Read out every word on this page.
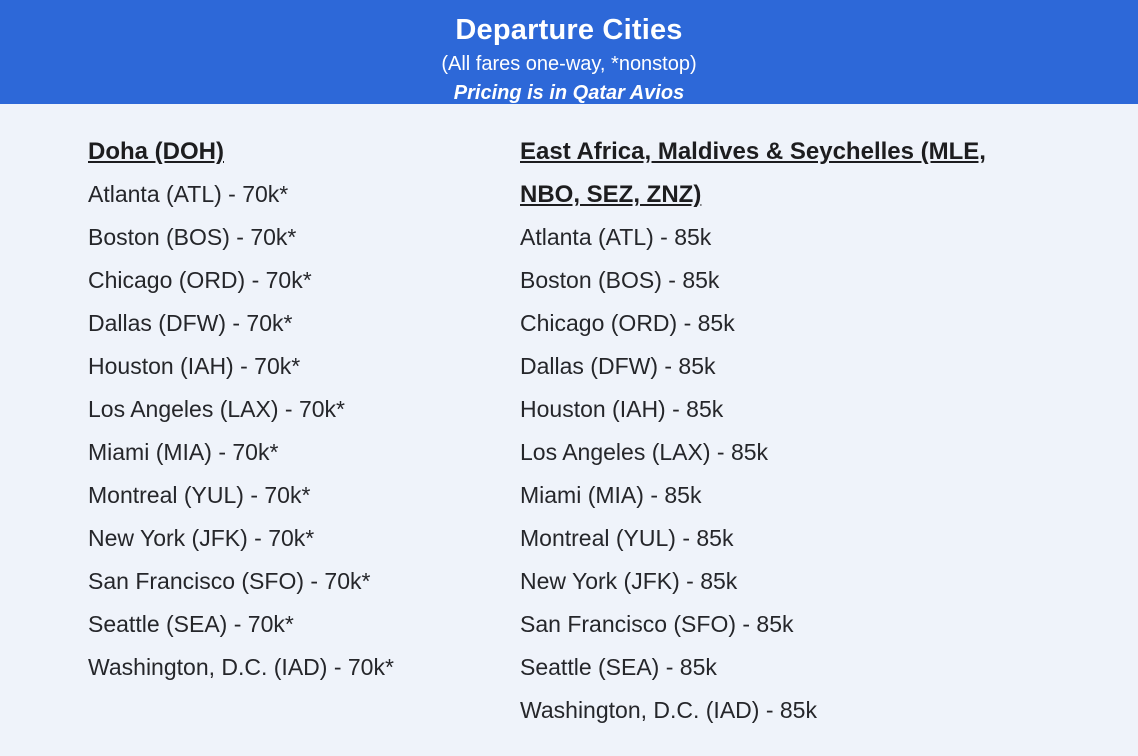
Departure Cities
(All fares one-way, *nonstop)
Pricing is in Qatar Avios
Doha (DOH)
Atlanta (ATL) - 70k*
Boston (BOS) - 70k*
Chicago (ORD) - 70k*
Dallas (DFW) - 70k*
Houston (IAH) - 70k*
Los Angeles (LAX) - 70k*
Miami (MIA) - 70k*
Montreal (YUL) - 70k*
New York (JFK) - 70k*
San Francisco (SFO) - 70k*
Seattle (SEA) - 70k*
Washington, D.C. (IAD) - 70k*
East Africa, Maldives & Seychelles (MLE, NBO, SEZ, ZNZ)
Atlanta (ATL) - 85k
Boston (BOS) - 85k
Chicago (ORD) - 85k
Dallas (DFW) - 85k
Houston (IAH) - 85k
Los Angeles (LAX) - 85k
Miami (MIA) - 85k
Montreal (YUL) - 85k
New York (JFK) - 85k
San Francisco (SFO) - 85k
Seattle (SEA) - 85k
Washington, D.C. (IAD) - 85k
